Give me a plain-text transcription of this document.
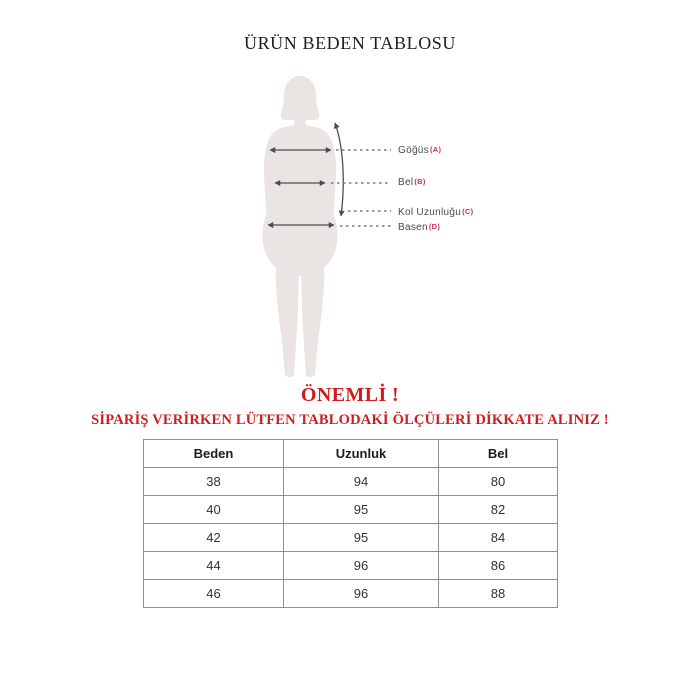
ÜRÜN BEDEN TABLOSU
Göğüs(A)
Bel(B)
Kol Uzunluğu(C)
Basen(D)
ÖNEMLİ !
SİPARİŞ VERİRKEN LÜTFEN TABLODAKİ ÖLÇÜLERİ DİKKATE ALINIZ !
Beden	Uzunluk	Bel
38	94	80
40	95	82
42	95	84
44	96	86
46	96	88
